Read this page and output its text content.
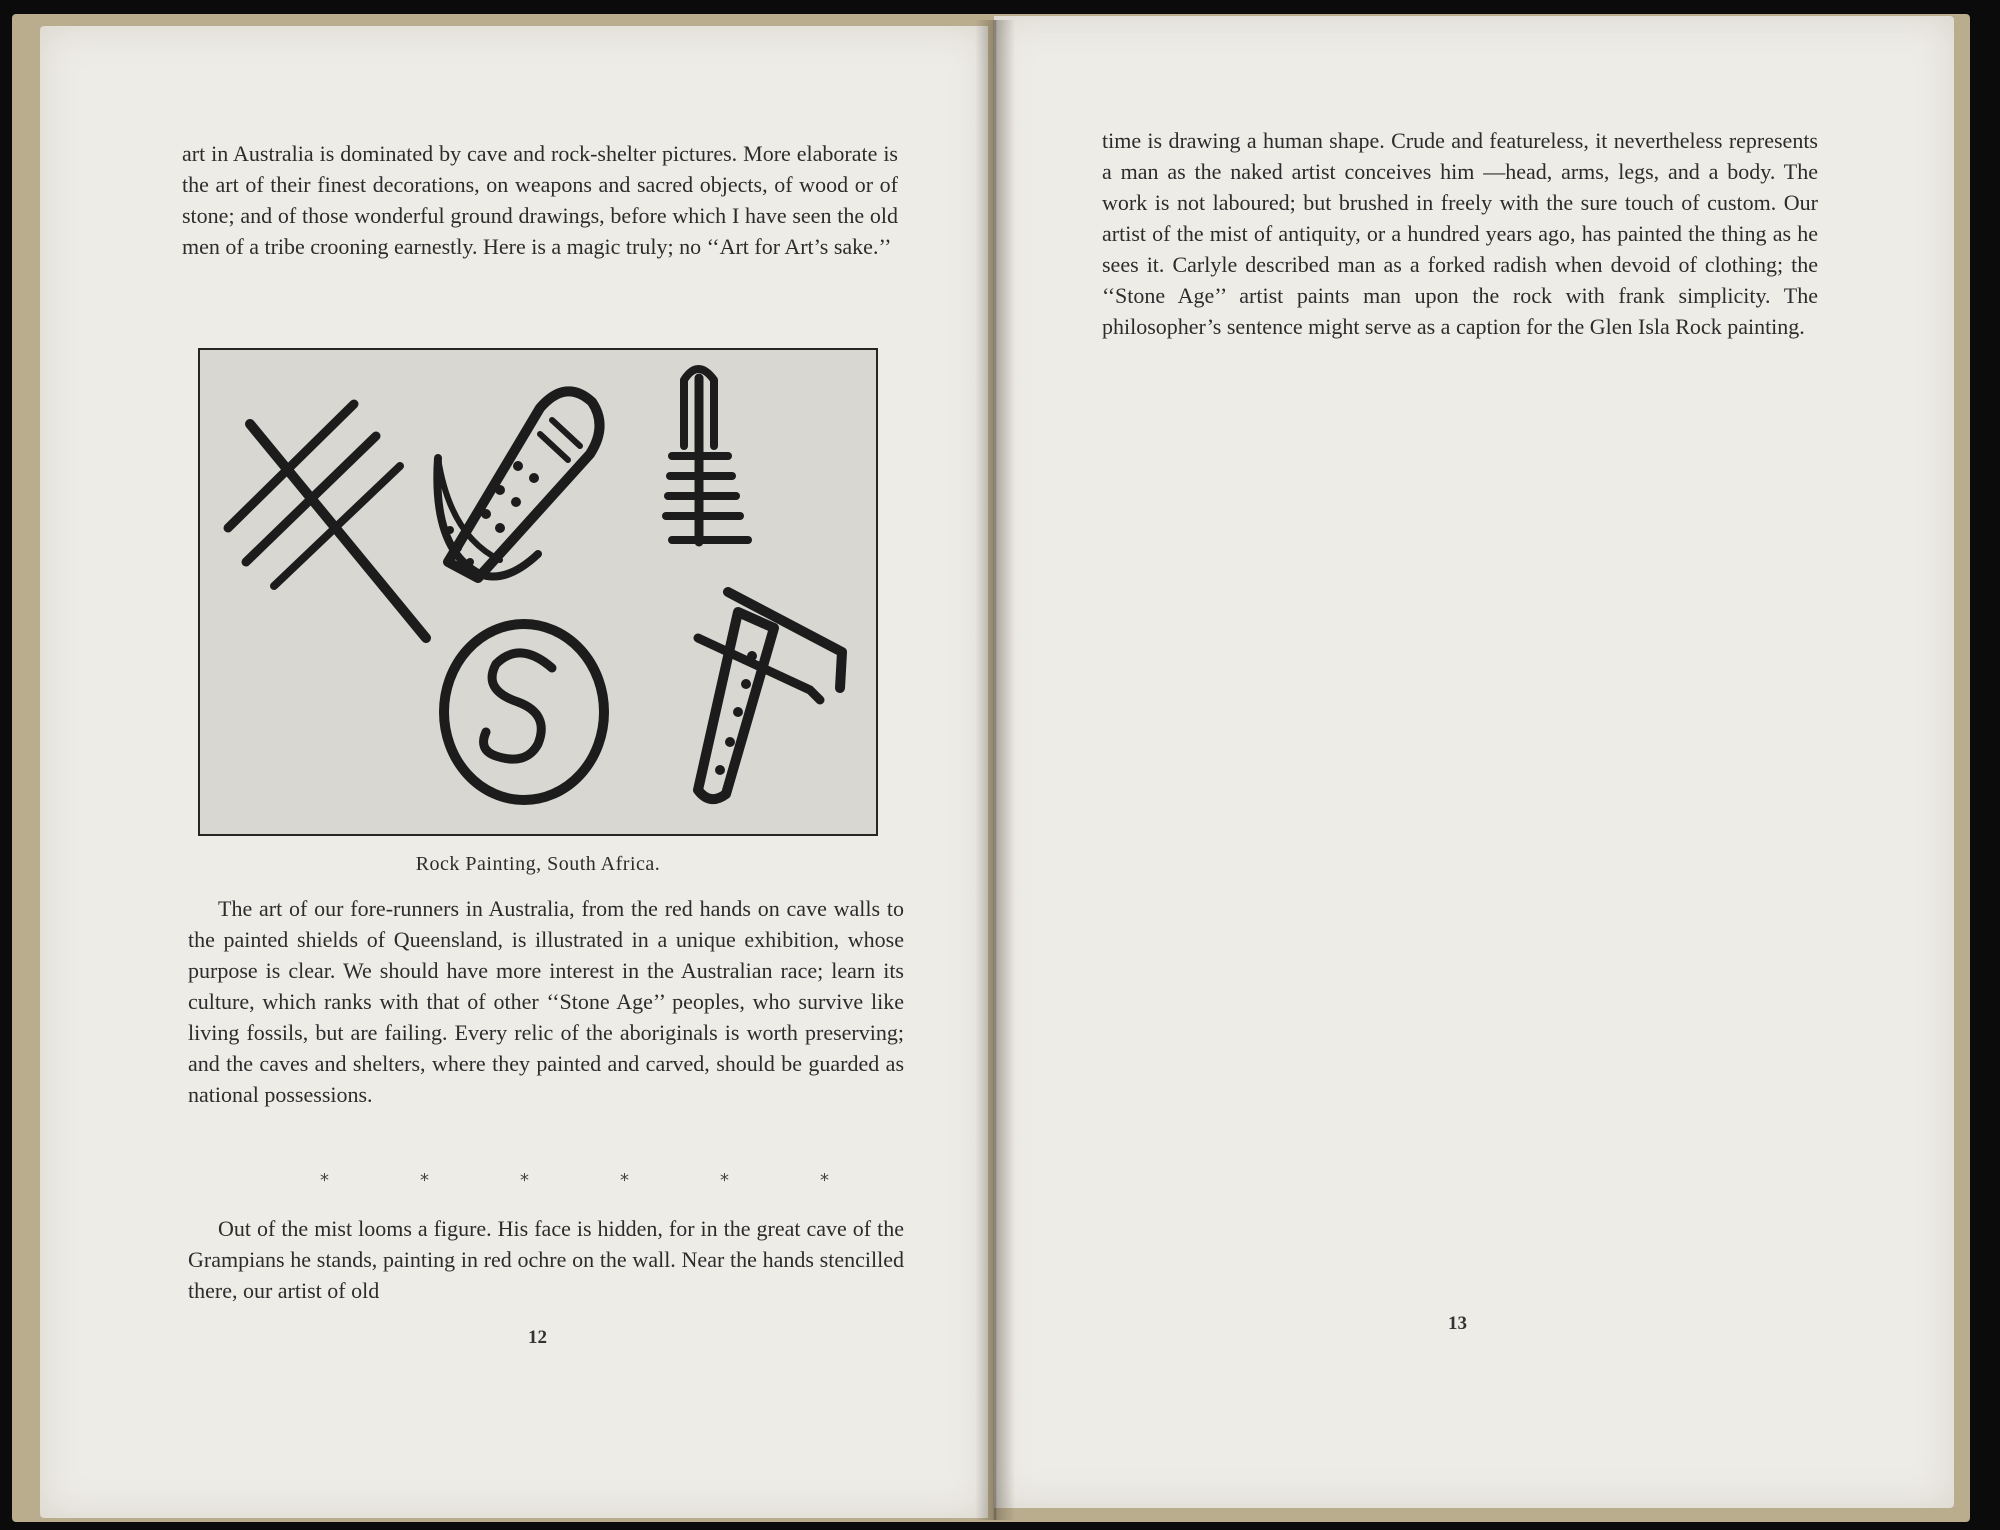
art in Australia is dominated by cave and rock-shelter pictures. More elaborate is the art of their finest decorations, on weapons and sacred objects, of wood or of stone; and of those wonderful ground drawings, before which I have seen the old men of a tribe crooning earnestly. Here is a magic truly; no ‘‘Art for Art’s sake.’’

Rock Painting, South Africa.

The art of our fore-runners in Australia, from the red hands on cave walls to the painted shields of Queensland, is illustrated in a unique exhibition, whose purpose is clear. We should have more interest in the Australian race; learn its culture, which ranks with that of other ‘‘Stone Age’’ peoples, who survive like living fossils, but are failing. Every relic of the aboriginals is worth preserving; and the caves and shelters, where they painted and carved, should be guarded as national possessions.

*	*	*	*	*	*

Out of the mist looms a figure. His face is hidden, for in the great cave of the Grampians he stands, painting in red ochre on the wall. Near the hands stencilled there, our artist of old

12

time is drawing a human shape. Crude and featureless, it nevertheless represents a man as the naked artist conceives him —head, arms, legs, and a body. The work is not laboured; but brushed in freely with the sure touch of custom. Our artist of the mist of antiquity, or a hundred years ago, has painted the thing as he sees it. Carlyle described man as a forked radish when devoid of clothing; the ‘‘Stone Age’’ artist paints man upon the rock with frank simplicity. The philosopher’s sentence might serve as a caption for the Glen Isla Rock painting.

13
